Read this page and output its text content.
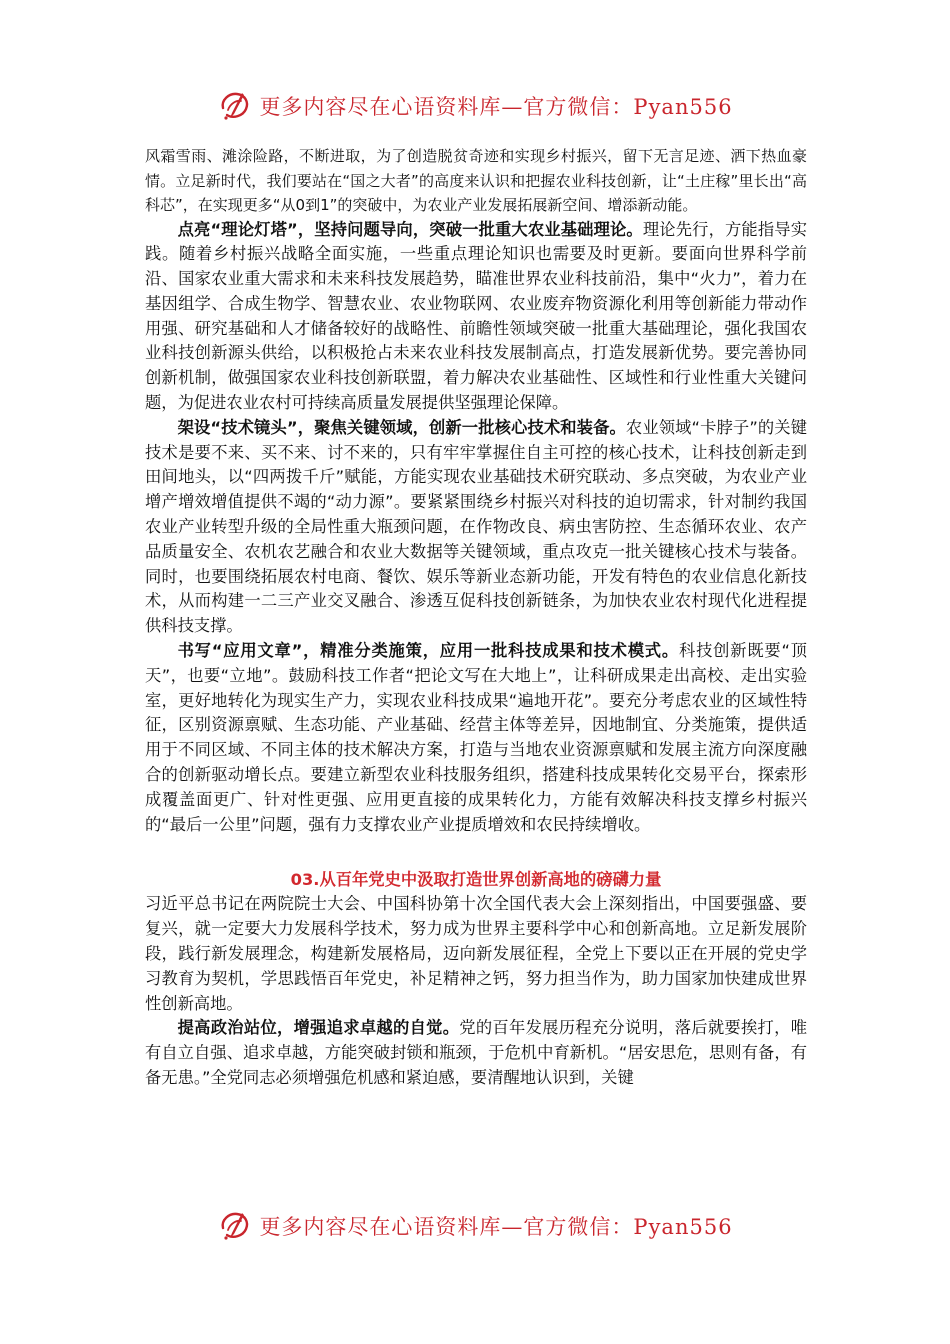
更多内容尽在心语资料库—官方微信：Pyan556

风霜雪雨、滩涂险路，不断进取，为了创造脱贫奇迹和实现乡村振兴，留下无言足迹、洒下热血豪情。立足新时代，我们要站在“国之大者”的高度来认识和把握农业科技创新，让“土庄稼”里长出“高科芯”，在实现更多“从0到1”的突破中，为农业产业发展拓展新空间、增添新动能。

点亮“理论灯塔”，坚持问题导向，突破一批重大农业基础理论。理论先行，方能指导实践。随着乡村振兴战略全面实施，一些重点理论知识也需要及时更新。要面向世界科学前沿、国家农业重大需求和未来科技发展趋势，瞄准世界农业科技前沿，集中“火力”，着力在基因组学、合成生物学、智慧农业、农业物联网、农业废弃物资源化利用等创新能力带动作用强、研究基础和人才储备较好的战略性、前瞻性领域突破一批重大基础理论，强化我国农业科技创新源头供给，以积极抢占未来农业科技发展制高点，打造发展新优势。要完善协同创新机制，做强国家农业科技创新联盟，着力解决农业基础性、区域性和行业性重大关键问题，为促进农业农村可持续高质量发展提供坚强理论保障。

架设“技术镜头”，聚焦关键领域，创新一批核心技术和装备。农业领域“卡脖子”的关键技术是要不来、买不来、讨不来的，只有牢牢掌握住自主可控的核心技术，让科技创新走到田间地头，以“四两拨千斤”赋能，方能实现农业基础技术研究联动、多点突破，为农业产业增产增效增值提供不竭的“动力源”。要紧紧围绕乡村振兴对科技的迫切需求，针对制约我国农业产业转型升级的全局性重大瓶颈问题，在作物改良、病虫害防控、生态循环农业、农产品质量安全、农机农艺融合和农业大数据等关键领域，重点攻克一批关键核心技术与装备。同时，也要围绕拓展农村电商、餐饮、娱乐等新业态新功能，开发有特色的农业信息化新技术，从而构建一二三产业交叉融合、渗透互促科技创新链条，为加快农业农村现代化进程提供科技支撑。

书写“应用文章”，精准分类施策，应用一批科技成果和技术模式。科技创新既要“顶天”，也要“立地”。鼓励科技工作者“把论文写在大地上”，让科研成果走出高校、走出实验室，更好地转化为现实生产力，实现农业科技成果“遍地开花”。要充分考虑农业的区域性特征，区别资源禀赋、生态功能、产业基础、经营主体等差异，因地制宜、分类施策，提供适用于不同区域、不同主体的技术解决方案，打造与当地农业资源禀赋和发展主流方向深度融合的创新驱动增长点。要建立新型农业科技服务组织，搭建科技成果转化交易平台，探索形成覆盖面更广、针对性更强、应用更直接的成果转化力，方能有效解决科技支撑乡村振兴的“最后一公里”问题，强有力支撑农业产业提质增效和农民持续增收。

03.从百年党史中汲取打造世界创新高地的磅礴力量

习近平总书记在两院院士大会、中国科协第十次全国代表大会上深刻指出，中国要强盛、要复兴，就一定要大力发展科学技术，努力成为世界主要科学中心和创新高地。立足新发展阶段，践行新发展理念，构建新发展格局，迈向新发展征程，全党上下要以正在开展的党史学习教育为契机，学思践悟百年党史，补足精神之钙，努力担当作为，助力国家加快建成世界性创新高地。

提高政治站位，增强追求卓越的自觉。党的百年发展历程充分说明，落后就要挨打，唯有自立自强、追求卓越，方能突破封锁和瓶颈，于危机中育新机。“居安思危，思则有备，有备无患。”全党同志必须增强危机感和紧迫感，要清醒地认识到，关键

更多内容尽在心语资料库—官方微信：Pyan556
